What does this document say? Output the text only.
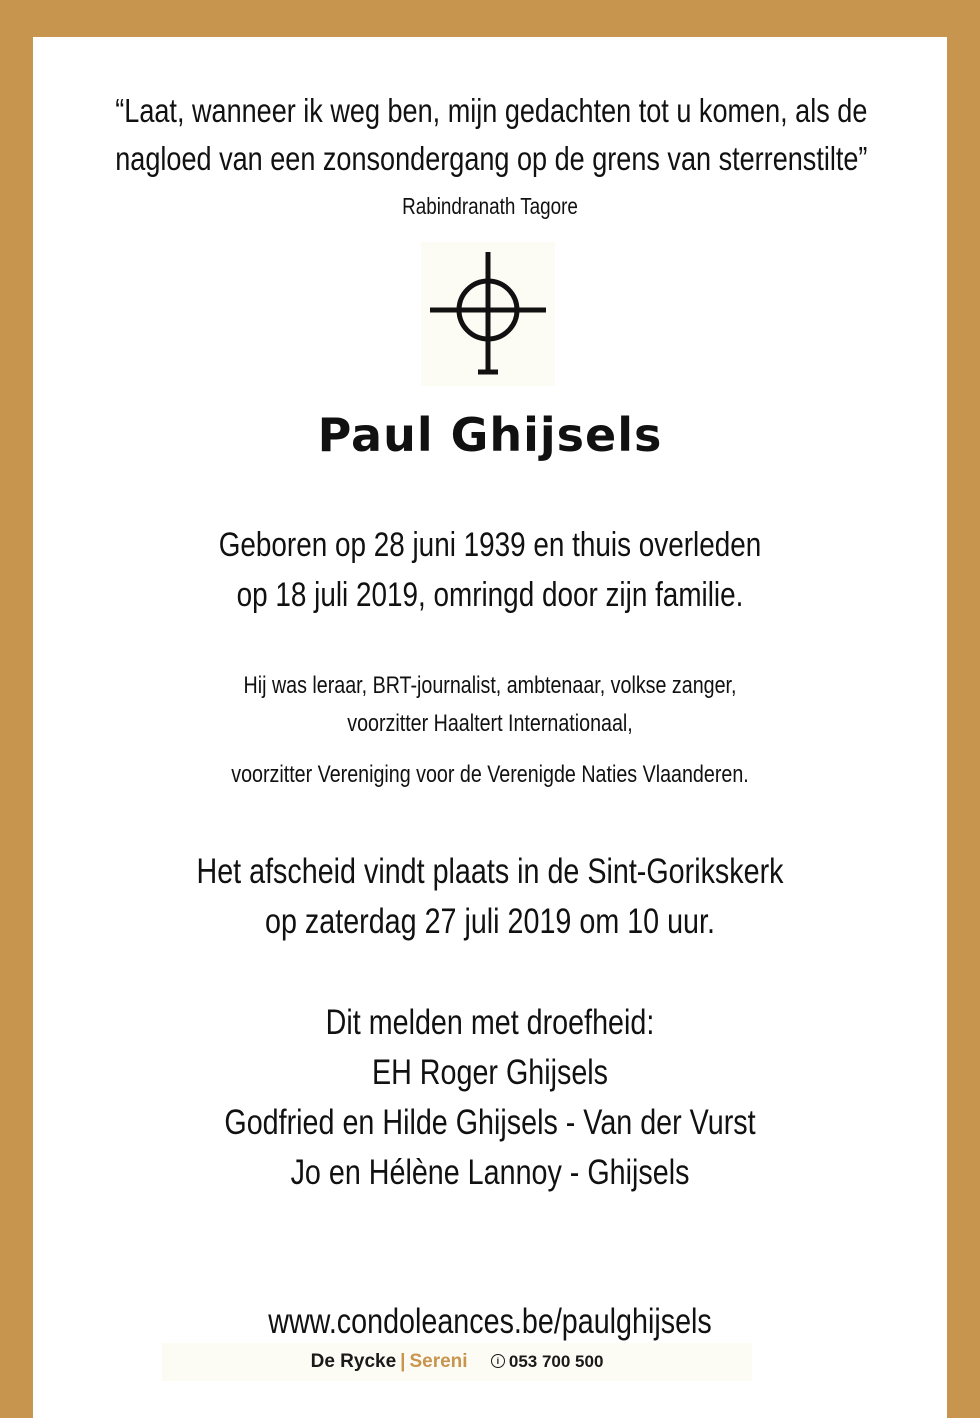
“Laat, wanneer ik weg ben, mijn gedachten tot u komen, als de
nagloed van een zonsondergang op de grens van sterrenstilte”
Rabindranath Tagore
Paul Ghijsels
Geboren op 28 juni 1939 en thuis overleden
op 18 juli 2019, omringd door zijn familie.
Hij was leraar, BRT-journalist, ambtenaar, volkse zanger,
voorzitter Haaltert Internationaal,
voorzitter Vereniging voor de Verenigde Naties Vlaanderen.
Het afscheid vindt plaats in de Sint-Gorikskerk
op zaterdag 27 juli 2019 om 10 uur.
Dit melden met droefheid:
EH Roger Ghijsels
Godfried en Hilde Ghijsels - Van der Vurst
Jo en Hélène Lannoy - Ghijsels
www.condoleances.be/paulghijsels
De Rycke | Sereni	i 053 700 500
